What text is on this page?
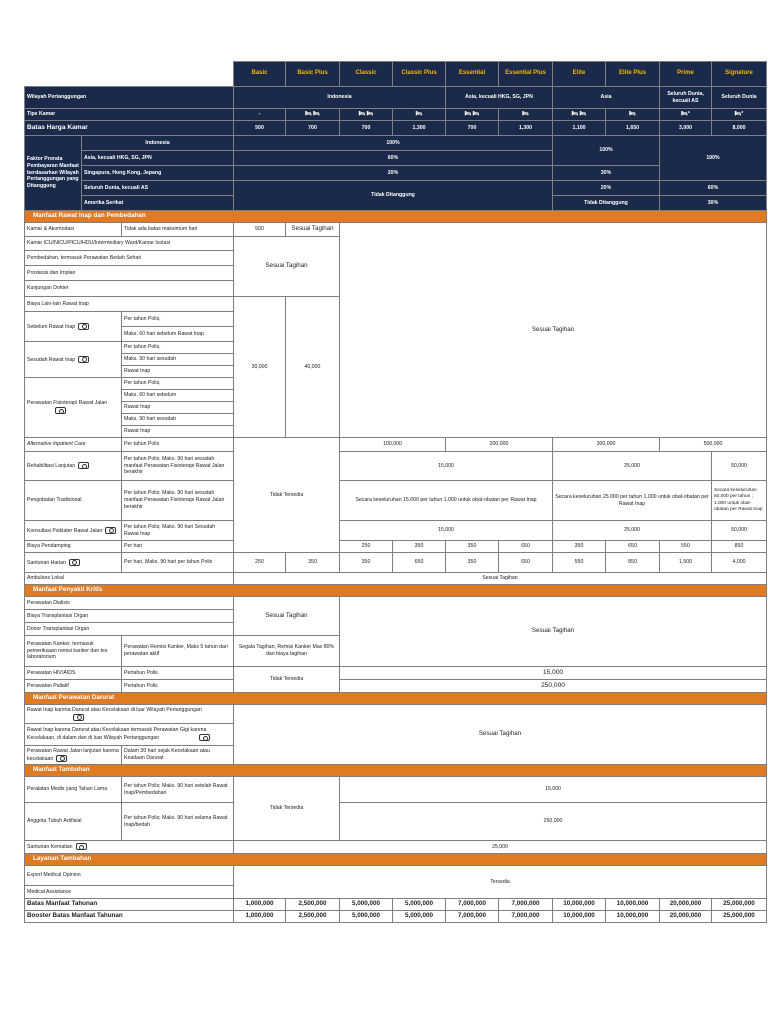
			Basic	Basic Plus	Classic	Classic Plus	Essential	Essential Plus	Elite	Elite Plus	Prime	Signature	
Wilayah Pertanggungan			Indonesia				Asia, kecuali HKG, SG, JPN		Asia		Seluruh Dunia, kecuali AS	Seluruh Dunia	
Tipe Kamar			-	🛏 🛏	🛏 🛏	🛏	🛏 🛏	🛏	🛏 🛏	🛏	🛏*	🛏*	
Batas Harga Kamar			500	700	700	1,300	700	1,300	1,100	1,650	3,000	8,000	
Faktor Prorata Pembayaran Manfaat berdasarkan Wilayah Pertanggungan yang Ditanggung	Indonesia		100%						100%		100%		
	Asia, kecuali HKG, SG, JPN		60%										
	Singapura, Hong Kong, Jepang		20%						30%				
	Seluruh Dunia, kecuali AS		Tidak Ditanggung						20%		60%		
	Amerika Serikat								Tidak Ditanggung		30%	
Manfaat Rawat Inap dan Pembedahan													
Kamar & Akomodasi		Tidak ada batas maksimum hari	500	Sesuai Tagihan	Sesuai Tagihan								
Kamar ICU/NICU/PICU/HDU/Intermediary Ward/Kamar Isolasi			Sesuai Tagihan										
Pembedahan, termasuk Perawatan Bedah Sehari													
Prostesis dan Implan													
Kunjungan Dokter													
Biaya Lain-lain Rawat Inap			30,000	40,000									
Sebelum Rawat Inap		Per tahun Polis,											
		Maks. 60 hari sebelum Rawat Inap											
Sesudah Rawat Inap		Per tahun Polis,											
		Maks. 90 hari sesudah											
		Rawat Inap											
Perawatan Fisioterapi Rawat Jalan		Per tahun Polis,											
		Maks. 60 hari sebelum											
		Rawat Inap											
		Maks. 90 hari sesudah											
		Rawat Inap											
Alternative Inpatient Care		Per tahun Polis	Tidak Tersedia		100,000		200,000		300,000		500,000		
Rehabilitasi Lanjutan		Per tahun Polis; Maks. 90 hari sesudah manfaat Perawatan Fisioterapi Rawat Jalan berakhir			15,000				25,000			50,000	
Pengobatan Tradisional		Per tahun Polis; Maks. 90 hari sesudah manfaat Perawatan Fisioterapi Rawat Jalan berakhir			Secara keseluruhan 15.000 per tahun 1.000 untuk obat-obatan per Rawat Inap				Secara keseluruhan 25.000 per tahun 1.000 untuk obat-obatan per Rawat Inap			Secara keseluruhan 50.000 per tahun ; 1.000 untuk obat-obatan per Rawat Inap	
Konsultasi Psikiater Rawat Jalan		Per tahun Polis; Maks. 90 hari Sesudah Rawat Inap			15,000				25,000			50,000	
Biaya Pendamping		Per hari			250	350	350	650	350	650	550	850		
Santunan Harian		Per hari, Maks. 90 hari per tahun Polis	250	350	350	650	350	650	550	850	1,500	4,000	
Ambulans Lokal			Sesuai Tagihan										
Manfaat Penyakit Kritis													
Perawatan Dialisis			Sesuai Tagihan		Sesuai Tagihan								
Biaya Transplantasi Organ													
Donor Transplantasi Organ													
Perawatan Kanker, termasuk pemeriksaan remisi kanker dan tes laboratorium		Perawatan Remisi Kanker, Maks 5 tahun dari perawatan aktif	Segala Tagihan, Remisi Kanker Max 80% dari biaya tagihan										
Perawatan HIV/AIDS		Pertahun Polis	Tidak Tersedia		15,000								
Perawatan Paliatif		Pertahun Polis			250,000								
Manfaat Perawatan Darurat													
Rawat Inap karena Darurat atau Kecelakaan di luar Wilayah Pertanggungan			Sesuai Tagihan										
Rawat Inap karena Darurat atau Kecelakaan termasuk Perawatan Gigi karena Kecelakaan, di dalam dan di luar Wilayah Pertanggungan													
Perawatan Rawat Jalan lanjutan karena kecelakaan		Dalam 30 hari sejak Kecelakaan atau Keadaan Darurat											
Manfaat Tambahan													
Peralatan Medis yang Tahan Lama		Per tahun Polis; Maks. 90 hari setelah Rawat Inap/Pembedahan	Tidak Tersedia		15,000								
Anggota Tubuh Artifisial		Per tahun Polis; Maks. 90 hari selama Rawat Inap/bedah			250,000								
Santunan Kematian			25,000										
Layanan Tambahan													
Expert Medical Opinion			Tersedia										
Medical Assistance													
Batas Manfaat Tahunan			1,000,000	2,500,000	5,000,000	5,000,000	7,000,000	7,000,000	10,000,000	10,000,000	20,000,000	25,000,000	
Booster Batas Manfaat Tahunan			1,000,000	2,500,000	5,000,000	5,000,000	7,000,000	7,000,000	10,000,000	10,000,000	20,000,000	25,000,000	
